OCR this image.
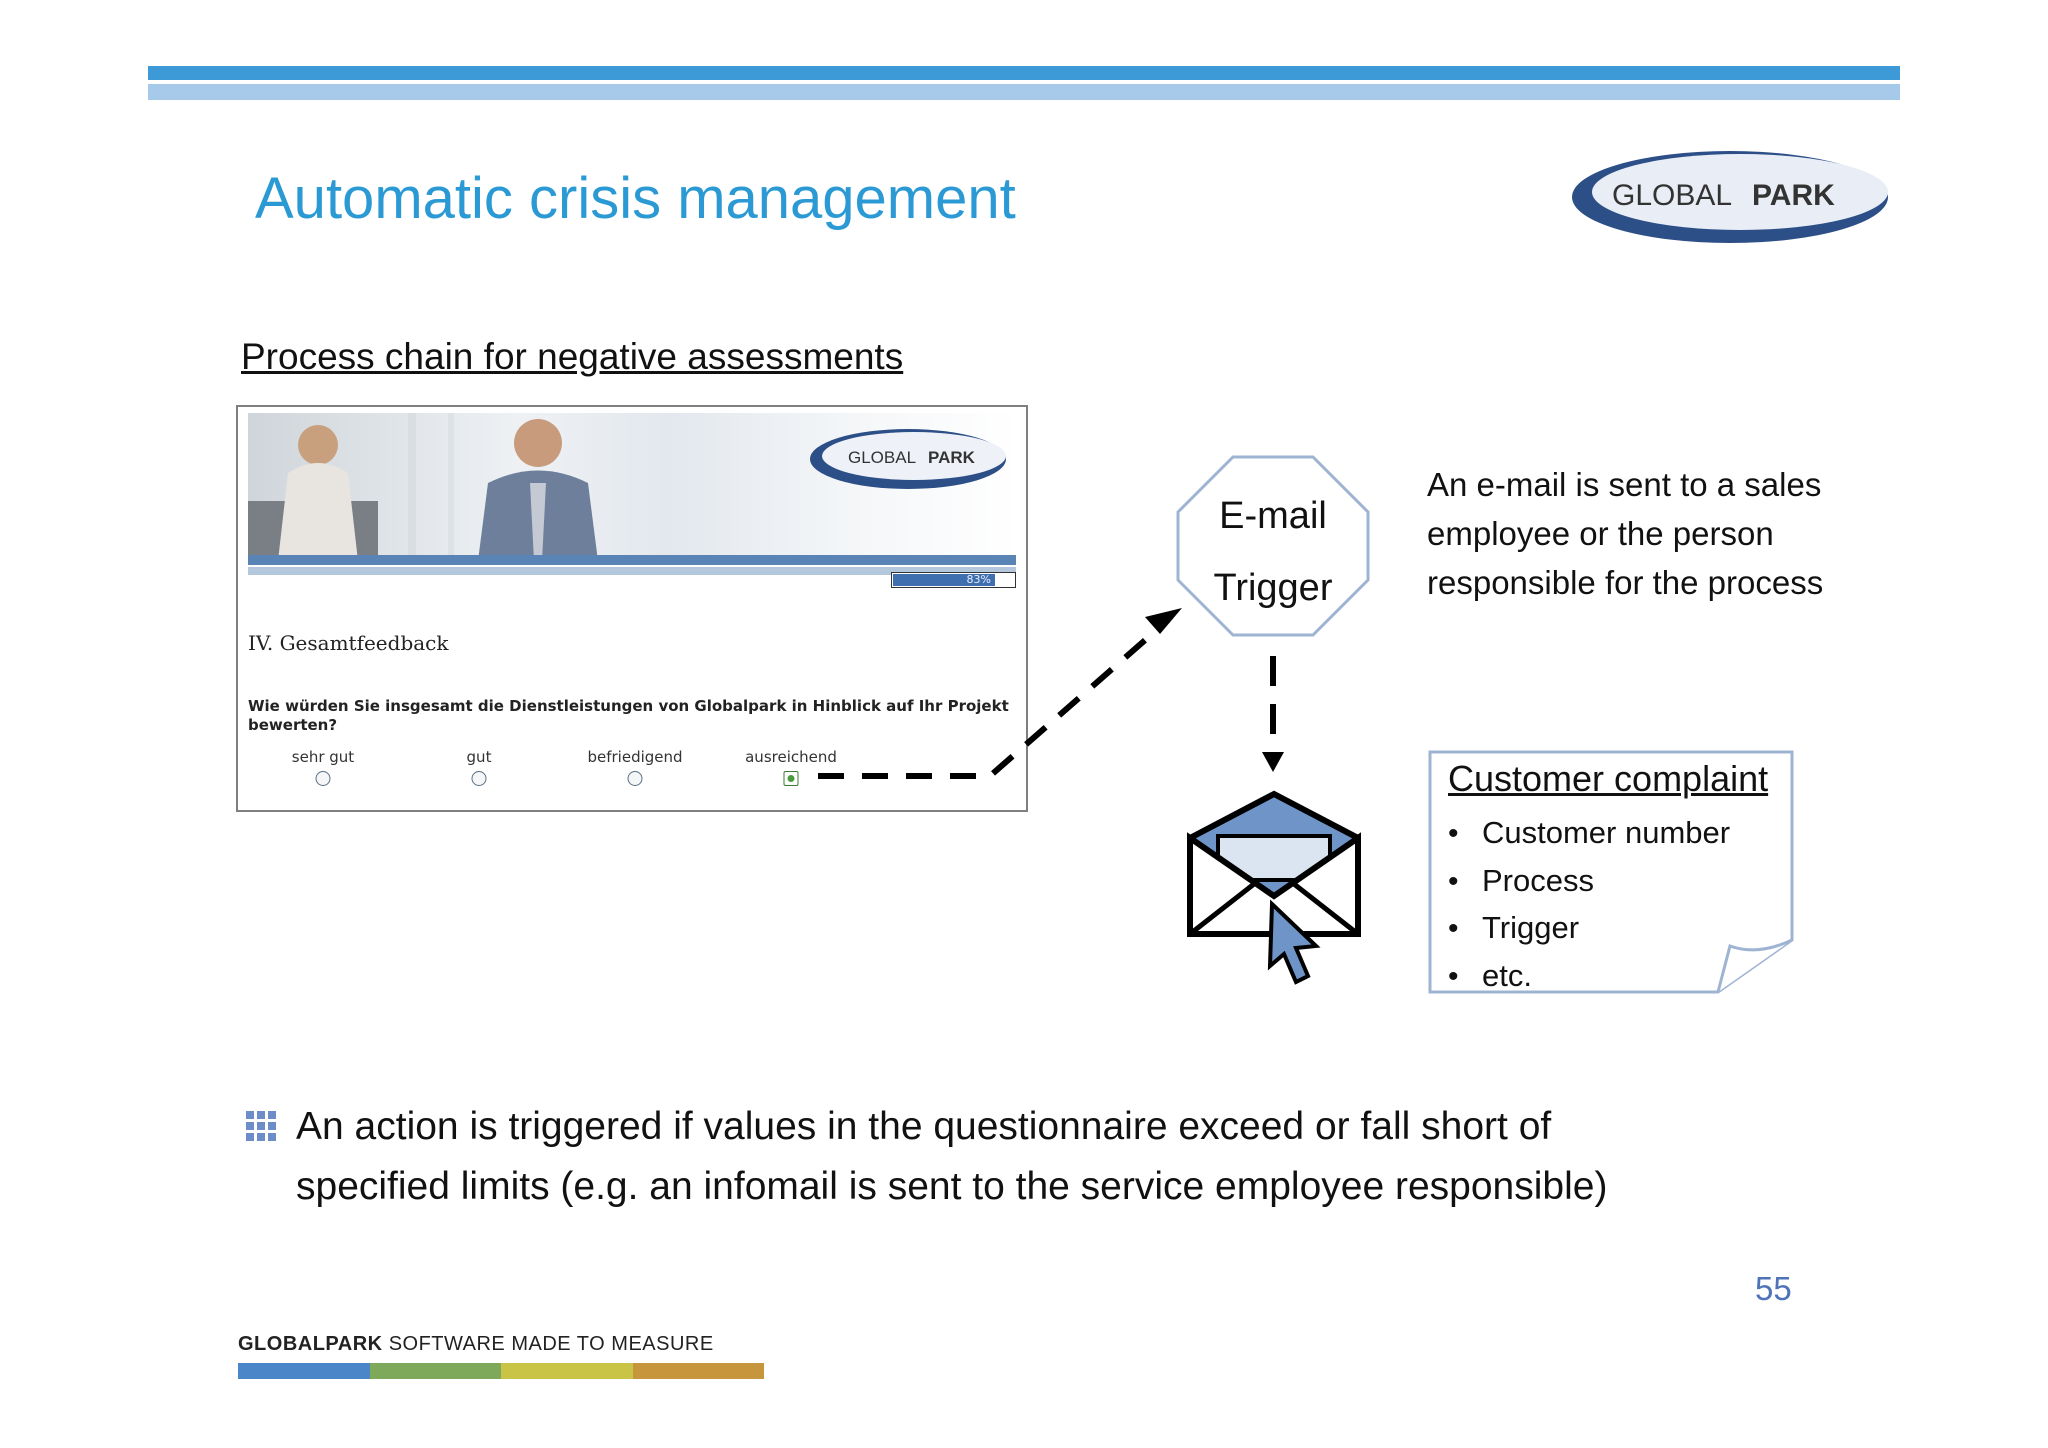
Automatic crisis management	GLOBAL PARK
Process chain for negative assessments
GLOBAL PARK
83%
IV. Gesamtfeedback
Wie würden Sie insgesamt die Dienstleistungen von Globalpark in Hinblick auf Ihr Projekt bewerten?
sehr gut	gut	befriedigend	ausreichend
E-mail
Trigger
An e-mail is sent to a sales employee or the person responsible for the process
Customer complaint
• Customer number
• Process
• Trigger
• etc.
An action is triggered if values in the questionnaire exceed or fall short of specified limits (e.g. an infomail is sent to the service employee responsible)
55
GLOBALPARK SOFTWARE MADE TO MEASURE
